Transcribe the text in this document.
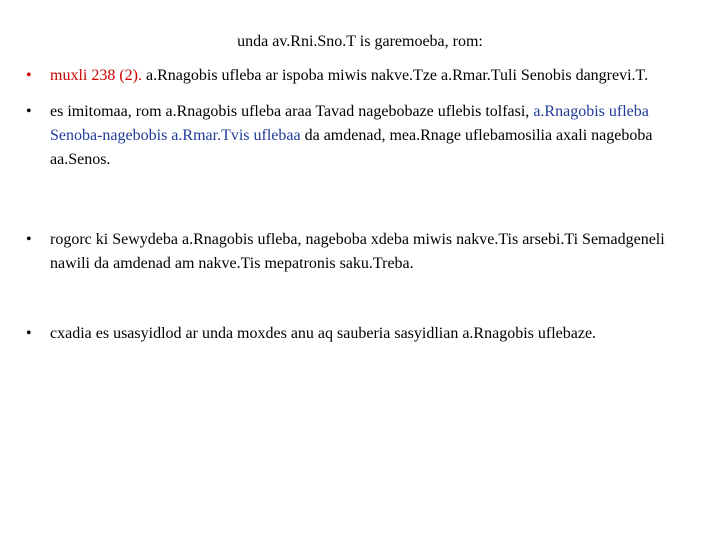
unda av.Rni.Sno.T is garemoeba, rom:
•	muxli 238 (2). a.Rnagobis ufleba ar ispoba miwis nakve.Tze a.Rmar.Tuli Senobis dangrevi.T.
•	es imitomaa, rom a.Rnagobis ufleba araa Tavad nagebobaze uflebis tolfasi, a.Rnagobis ufleba Senoba-nagebobis a.Rmar.Tvis uflebaa da amdenad, mea.Rnage uflebamosilia axali nageboba aa.Senos.
•	rogorc ki Sewydeba a.Rnagobis ufleba, nageboba xdeba miwis nakve.Tis arsebi.Ti Semadgeneli nawili da amdenad am nakve.Tis mepatronis saku.Treba.
•	cxadia es usasyidlod ar unda moxdes anu aq sauberia sasyidlian a.Rnagobis uflebaze.
